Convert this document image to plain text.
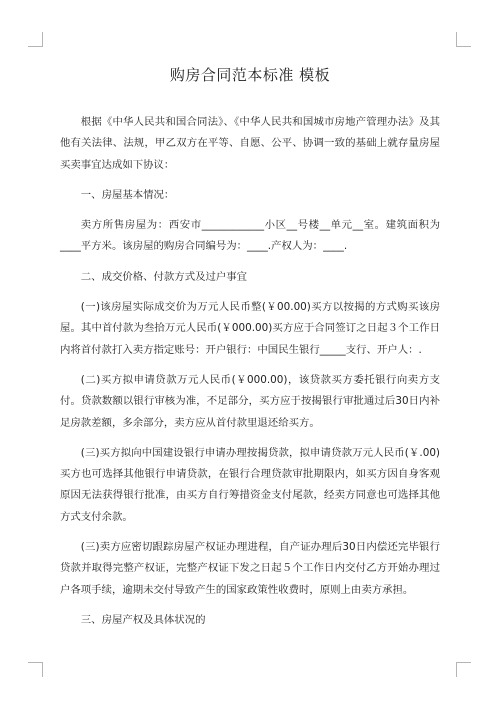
购房合同范本标准 模板

根据《中华人民共和国合同法》、《中华人民共和国城市房地产管理办法》及其他有关法律、法规，甲乙双方在平等、自愿、公平、协调一致的基础上就存量房屋买卖事宜达成如下协议：

一、房屋基本情况：

卖方所售房屋为：西安市____________小区__号楼__单元__室。建筑面积为____平方米。该房屋的购房合同编号为：____.产权人为：____.

二、成交价格、付款方式及过户事宜

(一)该房屋实际成交价为万元人民币整(￥00.00)买方以按揭的方式购买该房屋。其中首付款为叁拾万元人民币(￥000.00)买方应于合同签订之日起３个工作日内将首付款打入卖方指定账号：开户银行：中国民生银行_____支行、开户人：.

(二)买方拟申请贷款万元人民币(￥000.00)，该贷款买方委托银行向卖方支付。贷款数额以银行审核为准，不足部分，买方应于按揭银行审批通过后30日内补足房款差额，多余部分，卖方应从首付款里退还给买方。

(三)买方拟向中国建设银行申请办理按揭贷款，拟申请贷款万元人民币(￥.00)买方也可选择其他银行申请贷款，在银行合理贷款审批期限内，如买方因自身客观原因无法获得银行批准，由买方自行筹措资金支付尾款，经卖方同意也可选择其他方式支付余款。

(三)卖方应密切跟踪房屋产权证办理进程，自产证办理后30日内偿还完毕银行贷款并取得完整产权证，完整产权证下发之日起５个工作日内交付乙方开始办理过户各项手续，逾期未交付导致产生的国家政策性收费时，原则上由卖方承担。

三、房屋产权及具体状况的
